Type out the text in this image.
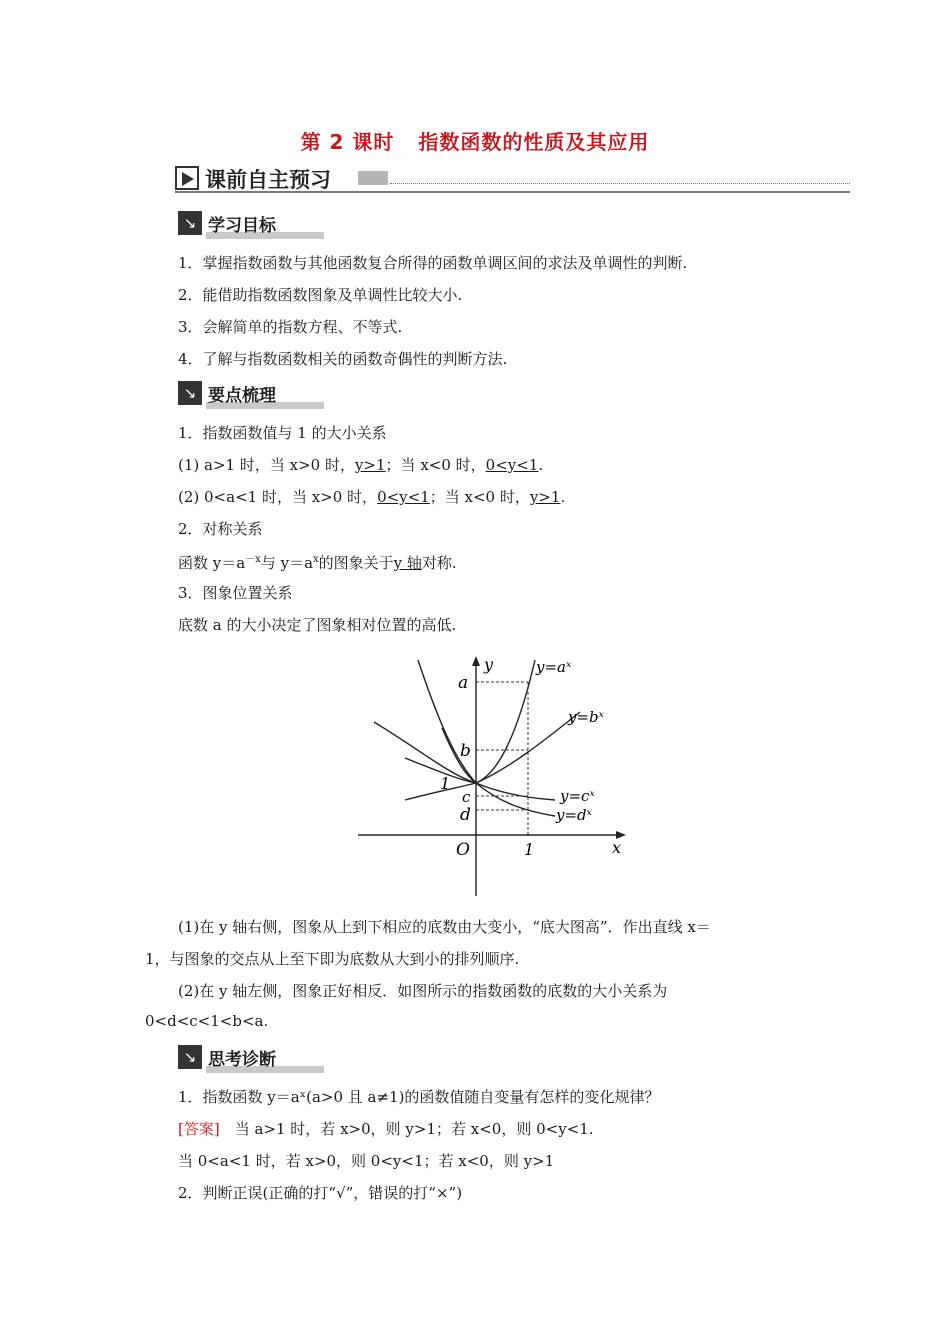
第 2 课时 指数函数的性质及其应用
课前自主预习
↘ 学习目标
1．掌握指数函数与其他函数复合所得的函数单调区间的求法及单调性的判断.
2．能借助指数函数图象及单调性比较大小.
3．会解简单的指数方程、不等式.
4．了解与指数函数相关的函数奇偶性的判断方法.
↘ 要点梳理
1．指数函数值与 1 的大小关系
(1) a>1 时，当 x>0 时，y>1；当 x<0 时，0<y<1.
(2) 0<a<1 时，当 x>0 时，0<y<1；当 x<0 时，y>1.
2．对称关系
函数 $y=a^{-x}$与 $y=a^x$的图象关于y 轴对称.
3．图象位置关系
底数 a 的大小决定了图象相对位置的高低.
y
x
O	1
1
a
b
c
d
y=aˣ
y=bˣ
y=cˣ
y=dˣ
(1)在 y 轴右侧，图象从上到下相应的底数由大变小，“底大图高”．作出直线 x＝
1，与图象的交点从上至下即为底数从大到小的排列顺序.
(2)在 y 轴左侧，图象正好相反．如图所示的指数函数的底数的大小关系为
0<d<c<1<b<a.
↘ 思考诊断
1．指数函数 y＝aˣ(a>0 且 a≠1)的函数值随自变量有怎样的变化规律？
[答案]　当 a>1 时，若 x>0，则 y>1；若 x<0，则 0<y<1.
当 0<a<1 时，若 x>0，则 0<y<1；若 x<0，则 y>1
2．判断正误(正确的打“√”，错误的打“×”)
